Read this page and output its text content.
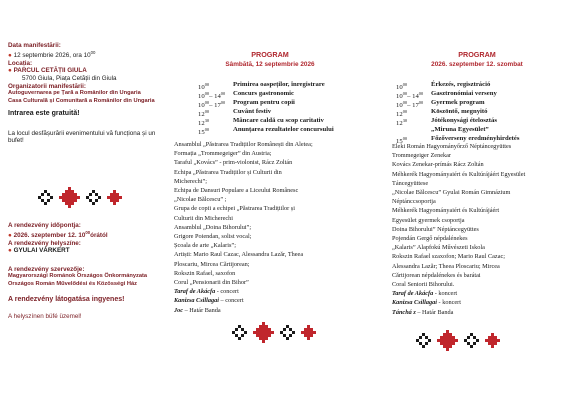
Data manifestării:
● 12 septembrie 2026, ora $10^{00}$
Locația:
● PARCUL CETĂȚII GIULA
5700 Giula, Piața Cetății din Giula
Organizatorii manifestării:
Autoguvernarea pe Țară a Românilor din Ungaria
Casa Culturală și Comunitară a Românilor din Ungaria
Intrarea este gratuită!
La locul desfășurării evenimentului vă funcționa și un
bufet!
A rendezvény időpontja:
● 2026. szeptember 12. $10^{00}órától$
A rendezvény helyszíne:
● GYULAI VÁRKERT
A rendezvény szervezője:
Magyarországi Románok Országos Önkormányzata
Országos Román Művelődési és Közösségi Ház
A rendezvény látogatása ingyenes!
A helyszínen büfé üzemel!
PROGRAM
Sâmbătă, 12 septembrie 2026
$10^{00}$	Primirea oaspeților, înregistrare
$10^{00}-$ $14^{00}$	Concurs gastronomic
$10^{00}-$ $17^{00}$	Program pentru copii
$12^{00}$	Cuvânt festiv
$12^{30}$	Mâncare caldă cu scop caritativ
$15^{00}$	Anunțarea rezultatelor concursului
Ansamblul „Păstrarea Tradițiilor Românești din Aletea;
Formația „Trommegeiger” din Austria;
Taraful „Kovács” - prim-violonist, Rácz Zoltán
Echipa „Păstrarea Tradițiilor și Culturii din
Micherechi”;
Echipa de Dansuri Populare a Liceului Românesc
„Nicolae Bălcescu” ;
Grupa de copii a echipei „Păstrarea Tradițiilor și
Culturii din Micherechi
Ansamblul „Doina Bihorului”;
Grigore Poiendan, solist vocal;
Școala de arte „Kalaris”;
Artiști: Mario Raul Cazac, Alessandra Lazăr, Theea
Ploscariu, Mircea Cărtijorean;
Rokszin Rafael, saxofon
Corul „Pensionarii din Bihor”
Taraf de Akácfa - concert
Kanizsa Csillagai – concert
Joc – Határ Banda
PROGRAM
2026. szeptember 12. szombat
$10^{00}$	Érkezés, regisztráció
$10^{00}-$ $14^{00}$	Gasztronómiai verseny
$10^{00}-$ $17^{00}$	Gyermek program
$12^{00}$	Köszöntő, megnyitó
$12^{30}$	Jótékonysági ételosztás
„Miruna Egyesület”
$15^{00}$	Főzőverseny eredményhirdetés
Eleki Román Hagyományőrző Néptáncegyüttes
Trommegeiger Zenekar
Kovács Zenekar-prímás Rácz Zoltán
Méhkerék Hagyományaiért és Kultúrájáért Egyesület
Táncegyüttese
„Nicolae Bălcescu” Gyulai Román Gimnázium
Néptánccsoportja
Méhkerék Hagyományaiért és Kultúrájáért
Egyesület gyermek csoportja
Doina Bihorului” Néptáncegyüttes
Pojendán Gergő népdalénekes
„Kalaris” Alapfokú Művészeti Iskola
Rokszin Rafael szaxofon; Mario Raul Cazac;
Alessandra Lazăr; Theea Ploscariu; Mircea
Cărtijorean népdalénekes és barátai
Coral Seniorii Bihorului.
Taraf de Akácfa - koncert
Kanizsa Csillagai - koncert
Tánchá z – Határ Banda
